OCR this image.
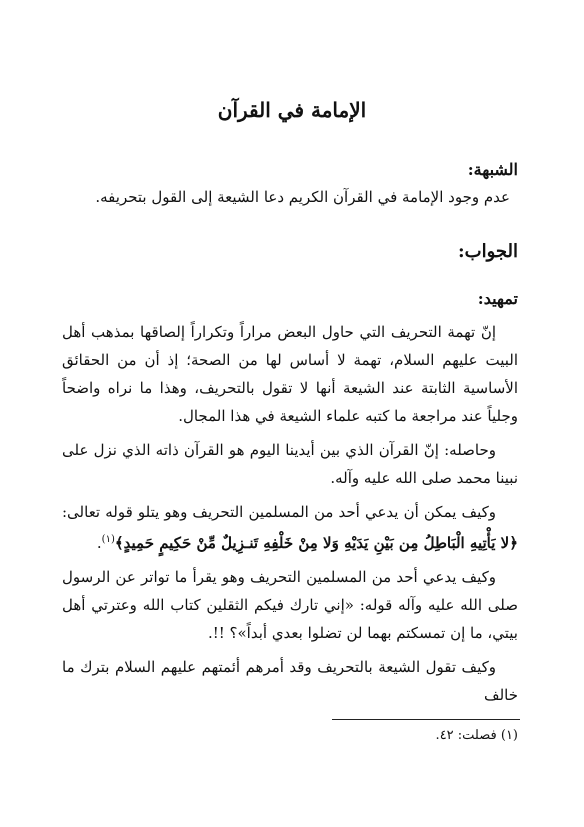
الإمامة في القرآن
الشبهة:
عدم وجود الإمامة في القرآن الكريم دعا الشيعة إلى القول بتحريفه.
الجواب:
تمهيد:
إنّ تهمة التحريف التي حاول البعض مراراً وتكراراً إلصاقها بمذهب أهل البيت عليهم السلام، تهمة لا أساس لها من الصحة؛ إذ أن من الحقائق الأساسية الثابتة عند الشيعة أنها لا تقول بالتحريف، وهذا ما نراه واضحاً وجلياً عند مراجعة ما كتبه علماء الشيعة في هذا المجال.
وحاصله: إنّ القرآن الذي بين أيدينا اليوم هو القرآن ذاته الذي نزل على نبينا محمد صلى الله عليه وآله.
وكيف يمكن أن يدعي أحد من المسلمين التحريف وهو يتلو قوله تعالى: ﴿لا يَأْتِيهِ الْبَاطِلُ مِن بَيْنِ يَدَيْهِ وَلا مِنْ خَلْفِهِ تَنـزِيلٌ مِّنْ حَكِيمٍ حَمِيدٍ﴾$^{(١)}$.
وكيف يدعي أحد من المسلمين التحريف وهو يقرأ ما تواتر عن الرسول صلى الله عليه وآله قوله: «إني تارك فيكم الثقلين كتاب الله وعترتي أهل بيتي، ما إن تمسكتم بهما لن تضلوا بعدي أبداً»؟ !!.
وكيف تقول الشيعة بالتحريف وقد أمرهم أئمتهم عليهم السلام بترك ما خالف
(١) فصلت: ٤٢.
